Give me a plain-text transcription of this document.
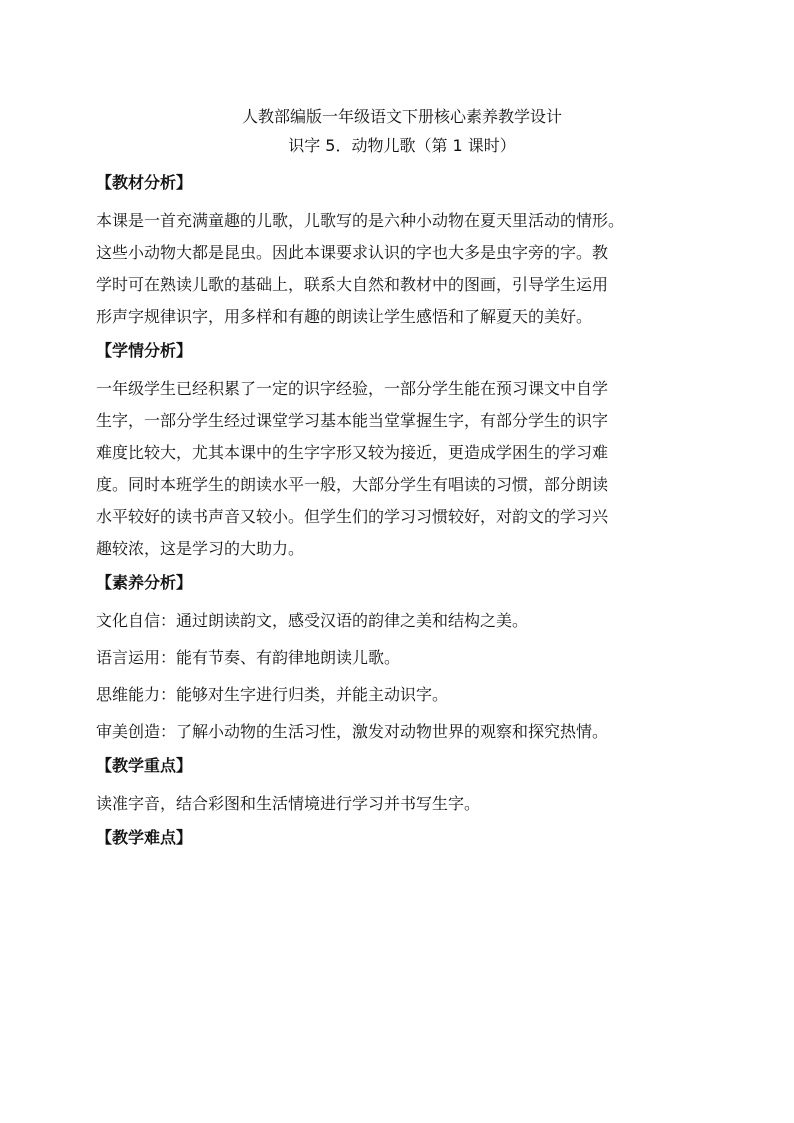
人教部编版一年级语文下册核心素养教学设计

识字 5．动物儿歌（第 1 课时）

【教材分析】

本课是一首充满童趣的儿歌，儿歌写的是六种小动物在夏天里活动的情形。

这些小动物大都是昆虫。因此本课要求认识的字也大多是虫字旁的字。教

学时可在熟读儿歌的基础上，联系大自然和教材中的图画，引导学生运用

形声字规律识字，用多样和有趣的朗读让学生感悟和了解夏天的美好。

【学情分析】

一年级学生已经积累了一定的识字经验，一部分学生能在预习课文中自学

生字，一部分学生经过课堂学习基本能当堂掌握生字，有部分学生的识字

难度比较大，尤其本课中的生字字形又较为接近，更造成学困生的学习难

度。同时本班学生的朗读水平一般，大部分学生有唱读的习惯，部分朗读

水平较好的读书声音又较小。但学生们的学习习惯较好，对韵文的学习兴

趣较浓，这是学习的大助力。

【素养分析】

文化自信：通过朗读韵文，感受汉语的韵律之美和结构之美。

语言运用：能有节奏、有韵律地朗读儿歌。

思维能力：能够对生字进行归类，并能主动识字。

审美创造：了解小动物的生活习性，激发对动物世界的观察和探究热情。

【教学重点】

读准字音，结合彩图和生活情境进行学习并书写生字。

【教学难点】
